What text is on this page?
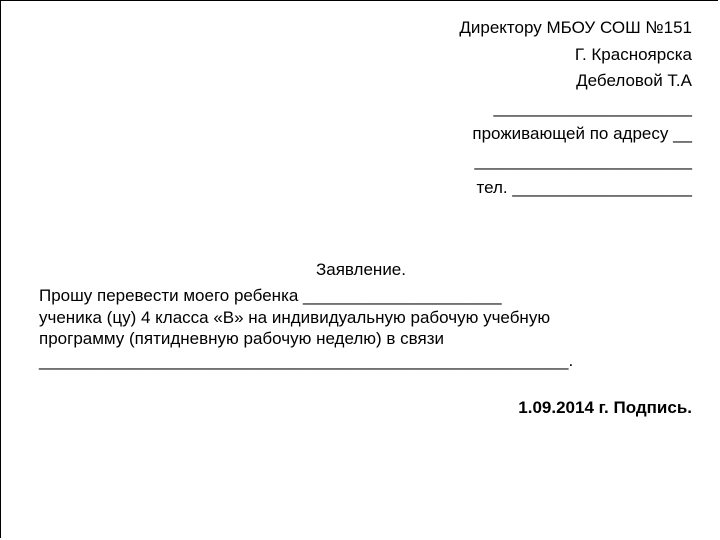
Директору МБОУ СОШ №151
Г. Красноярска
Дебеловой Т.А
_____________________
проживающей по адресу __
_______________________
тел. ___________________
Заявление.
Прошу перевести моего ребенка _____________________
ученика (цу) 4 класса «В» на индивидуальную рабочую учебную
программу (пятидневную рабочую неделю) в связи
________________________________________________________.
1.09.2014 г. Подпись.
